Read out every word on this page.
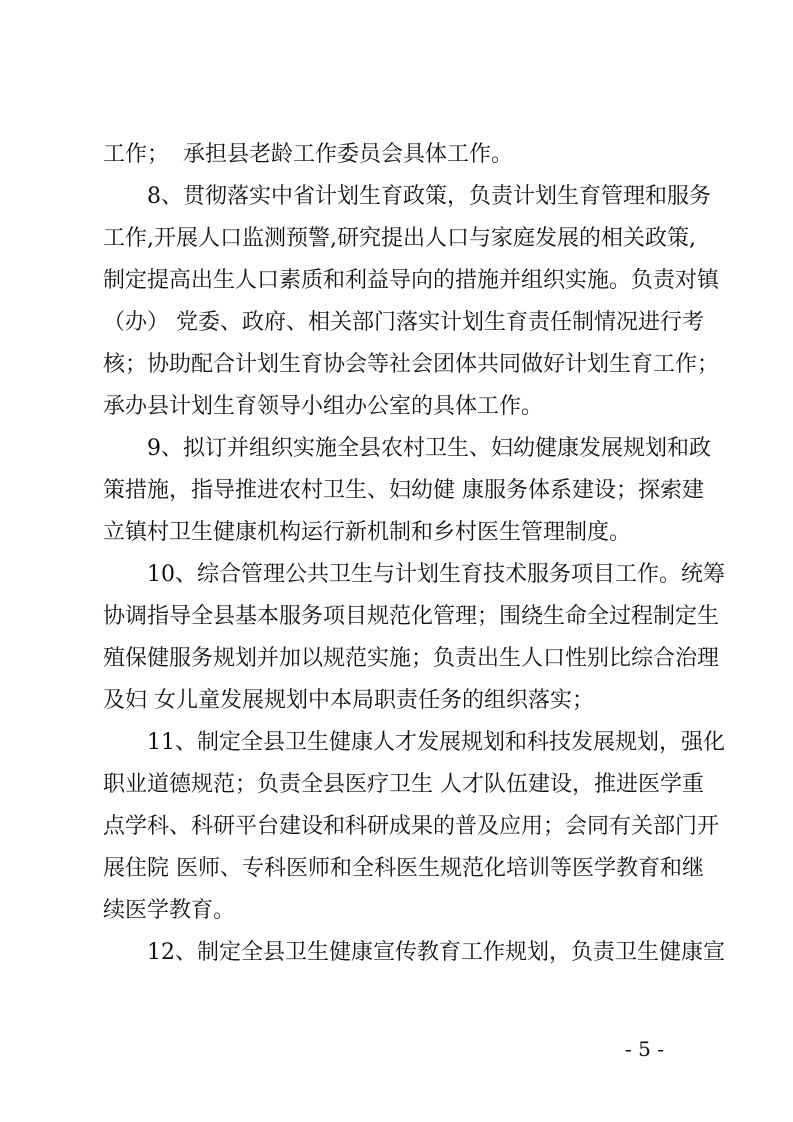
工作；  承担县老龄工作委员会具体工作。
8、贯彻落实中省计划生育政策，负责计划生育管理和服务
工作,开展人口监测预警,研究提出人口与家庭发展的相关政策,
制定提高出生人口素质和利益导向的措施并组织实施。负责对镇
（办） 党委、政府、相关部门落实计划生育责任制情况进行考
核；协助配合计划生育协会等社会团体共同做好计划生育工作；
承办县计划生育领导小组办公室的具体工作。
9、拟订并组织实施全县农村卫生、妇幼健康发展规划和政
策措施，指导推进农村卫生、妇幼健 康服务体系建设；探索建
立镇村卫生健康机构运行新机制和乡村医生管理制度。
10、综合管理公共卫生与计划生育技术服务项目工作。统筹
协调指导全县基本服务项目规范化管理；围绕生命全过程制定生
殖保健服务规划并加以规范实施；负责出生人口性别比综合治理
及妇 女儿童发展规划中本局职责任务的组织落实；
11、制定全县卫生健康人才发展规划和科技发展规划，强化
职业道德规范；负责全县医疗卫生 人才队伍建设，推进医学重
点学科、科研平台建设和科研成果的普及应用；会同有关部门开
展住院 医师、专科医师和全科医生规范化培训等医学教育和继
续医学教育。
12、制定全县卫生健康宣传教育工作规划，负责卫生健康宣
- 5 -
